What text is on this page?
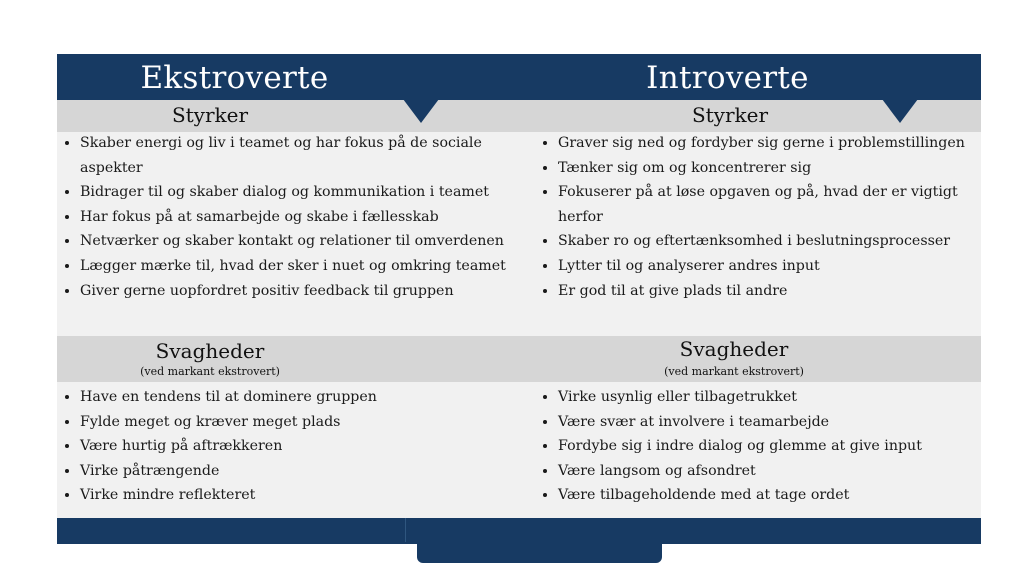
Ekstroverte	Introverte
Styrker	Styrker
• Skaber energi og liv i teamet og har fokus på de sociale aspekter
• Bidrager til og skaber dialog og kommunikation i teamet
• Har fokus på at samarbejde og skabe i fællesskab
• Netværker og skaber kontakt og relationer til omverdenen
• Lægger mærke til, hvad der sker i nuet og omkring teamet
• Giver gerne uopfordret positiv feedback til gruppen
• Graver sig ned og fordyber sig gerne i problemstillingen
• Tænker sig om og koncentrerer sig
• Fokuserer på at løse opgaven og på, hvad der er vigtigt herfor
• Skaber ro og eftertænksomhed i beslutningsprocesser
• Lytter til og analyserer andres input
• Er god til at give plads til andre
Svagheder
(ved markant ekstrovert)
Svagheder
(ved markant ekstrovert)
• Have en tendens til at dominere gruppen
• Fylde meget og kræver meget plads
• Være hurtig på aftrækkeren
• Virke påtrængende
• Virke mindre reflekteret
• Virke usynlig eller tilbagetrukket
• Være svær at involvere i teamarbejde
• Fordybe sig i indre dialog og glemme at give input
• Være langsom og afsondret
• Være tilbageholdende med at tage ordet
